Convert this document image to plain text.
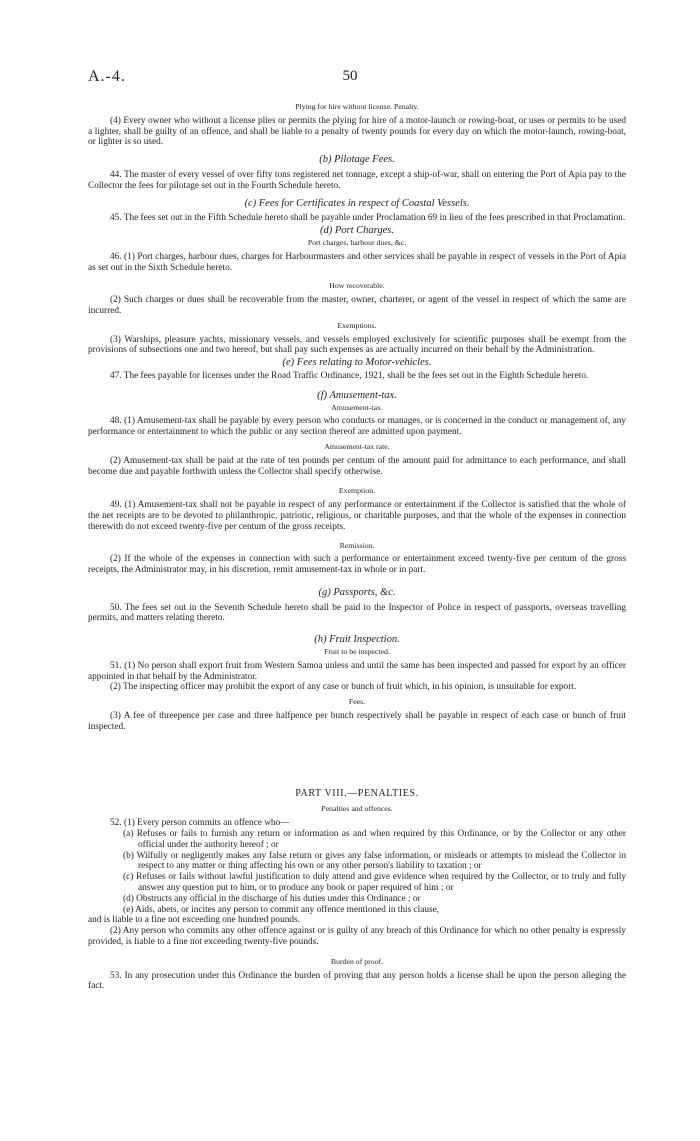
A.-4.	50
Plying for hire without license. Penalty.

(4) Every owner who without a license plies or permits the plying for hire of a motor-launch or rowing-boat, or uses or permits to be used a lighter, shall be guilty of an offence, and shall be liable to a penalty of twenty pounds for every day on which the motor-launch, rowing-boat, or lighter is so used.

(b) Pilotage Fees.

44. The master of every vessel of over fifty tons registered net tonnage, except a ship-of-war, shall on entering the Port of Apia pay to the Collector the fees for pilotage set out in the Fourth Schedule hereto.

(c) Fees for Certificates in respect of Coastal Vessels.

45. The fees set out in the Fifth Schedule hereto shall be payable under Proclamation 69 in lieu of the fees prescribed in that Proclamation.

(d) Port Charges.
Port charges, harbour dues, &c.

46. (1) Port charges, harbour dues, charges for Harbourmasters and other services shall be payable in respect of vessels in the Port of Apia as set out in the Sixth Schedule hereto.

How recoverable.

(2) Such charges or dues shall be recoverable from the master, owner, charterer, or agent of the vessel in respect of which the same are incurred.

Exemptions.

(3) Warships, pleasure yachts, missionary vessels, and vessels employed exclusively for scientific purposes shall be exempt from the provisions of subsections one and two hereof, but shall pay such expenses as are actually incurred on their behalf by the Administration.

(e) Fees relating to Motor-vehicles.

47. The fees payable for licenses under the Road Traffic Ordinance, 1921, shall be the fees set out in the Eighth Schedule hereto.

(f) Amusement-tax.
Amusement-tax.

48. (1) Amusement-tax shall be payable by every person who conducts or manages, or is concerned in the conduct or management of, any performance or entertainment to which the public or any section thereof are admitted upon payment.

Amusement-tax rate.

(2) Amusement-tax shall be paid at the rate of ten pounds per centum of the amount paid for admittance to each performance, and shall become due and payable forthwith unless the Collector shall specify otherwise.

Exemption.

49. (1) Amusement-tax shall not be payable in respect of any performance or entertainment if the Collector is satisfied that the whole of the net receipts are to be devoted to philanthropic, patriotic, religious, or charitable purposes, and that the whole of the expenses in connection therewith do not exceed twenty-five per centum of the gross receipts.

Remission.

(2) If the whole of the expenses in connection with such a performance or entertainment exceed twenty-five per centum of the gross receipts, the Administrator may, in his discretion, remit amusement-tax in whole or in part.

(g) Passports, &c.

50. The fees set out in the Seventh Schedule hereto shall be paid to the Inspector of Police in respect of passports, overseas travelling permits, and matters relating thereto.

(h) Fruit Inspection.
Fruit to be inspected.

51. (1) No person shall export fruit from Western Samoa unless and until the same has been inspected and passed for export by an officer appointed in that behalf by the Administrator.

(2) The inspecting officer may prohibit the export of any case or bunch of fruit which, in his opinion, is unsuitable for export.

Fees.

(3) A fee of threepence per case and three halfpence per bunch respectively shall be payable in respect of each case or bunch of fruit inspected.

PART VIII.—PENALTIES.
Penalties and offences.

52. (1) Every person commits an offence who—

(a) Refuses or fails to furnish any return or information as and when required by this Ordinance, or by the Collector or any other official under the authority hereof ; or

(b) Wilfully or negligently makes any false return or gives any false information, or misleads or attempts to mislead the Collector in respect to any matter or thing affecting his own or any other person's liability to taxation ; or

(c) Refuses or fails without lawful justification to duly attend and give evidence when required by the Collector, or to truly and fully answer any question put to him, or to produce any book or paper required of him ; or

(d) Obstructs any official in the discharge of his duties under this Ordinance ; or

(e) Aids, abets, or incites any person to commit any offence mentioned in this clause,

and is liable to a fine not exceeding one hundred pounds.

(2) Any person who commits any other offence against or is guilty of any breach of this Ordinance for which no other penalty is expressly provided, is liable to a fine not exceeding twenty-five pounds.

Burden of proof.

53. In any prosecution under this Ordinance the burden of proving that any person holds a license shall be upon the person alleging the fact.
